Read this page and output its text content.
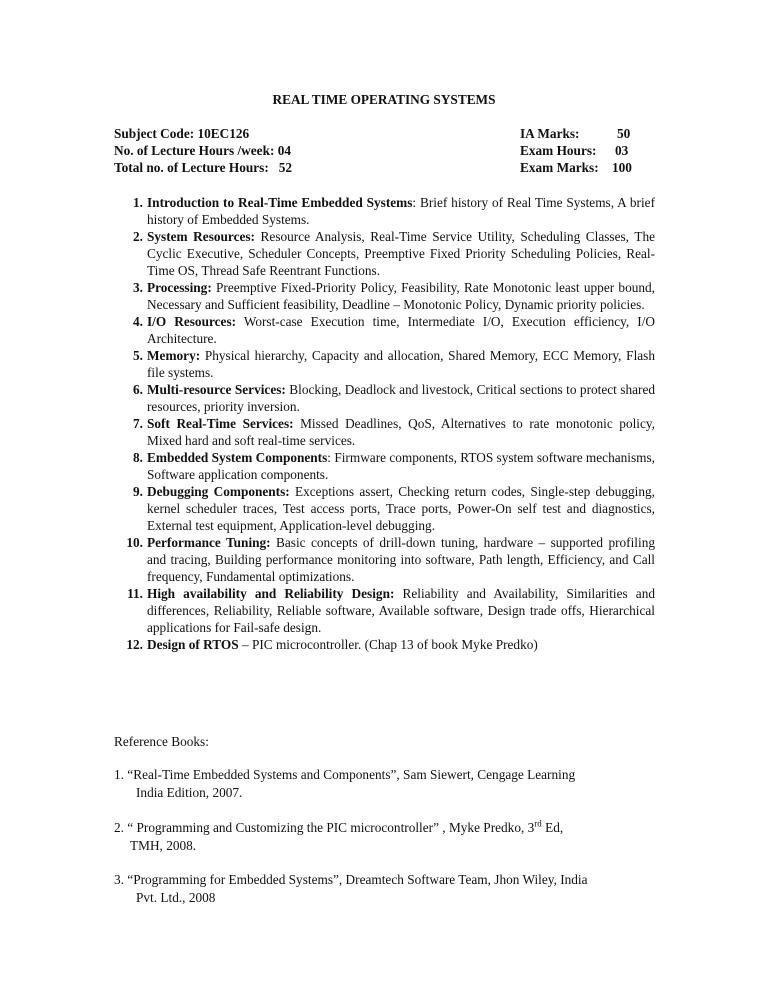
REAL TIME OPERATING SYSTEMS
Subject Code: 10EC126
No. of Lecture Hours /week: 04
Total no. of Lecture Hours:   52
IA Marks:	50
Exam Hours: 03
Exam Marks: 100
1. Introduction to Real-Time Embedded Systems: Brief history of Real Time Systems, A brief history of Embedded Systems.
2. System Resources: Resource Analysis, Real-Time Service Utility, Scheduling Classes, The Cyclic Executive, Scheduler Concepts, Preemptive Fixed Priority Scheduling Policies, Real-Time OS, Thread Safe Reentrant Functions.
3. Processing: Preemptive Fixed-Priority Policy, Feasibility, Rate Monotonic least upper bound, Necessary and Sufficient feasibility, Deadline – Monotonic Policy, Dynamic priority policies.
4. I/O Resources: Worst-case Execution time, Intermediate I/O, Execution efficiency, I/O Architecture.
5. Memory: Physical hierarchy, Capacity and allocation, Shared Memory, ECC Memory, Flash file systems.
6. Multi-resource Services: Blocking, Deadlock and livestock, Critical sections to protect shared resources, priority inversion.
7. Soft Real-Time Services: Missed Deadlines, QoS, Alternatives to rate monotonic policy, Mixed hard and soft real-time services.
8. Embedded System Components: Firmware components, RTOS system software mechanisms, Software application components.
9. Debugging Components: Exceptions assert, Checking return codes, Single-step debugging, kernel scheduler traces, Test access ports, Trace ports, Power-On self test and diagnostics, External test equipment, Application-level debugging.
10. Performance Tuning: Basic concepts of drill-down tuning, hardware – supported profiling and tracing, Building performance monitoring into software, Path length, Efficiency, and Call frequency, Fundamental optimizations.
11. High availability and Reliability Design: Reliability and Availability, Similarities and differences, Reliability, Reliable software, Available software, Design trade offs, Hierarchical applications for Fail-safe design.
12. Design of RTOS – PIC microcontroller. (Chap 13 of book Myke Predko)
Reference Books:
1. “Real-Time Embedded Systems and Components”, Sam Siewert, Cengage Learning
India Edition, 2007.
2. “ Programming and Customizing the PIC microcontroller” , Myke Predko, 3rd Ed,
TMH, 2008.
3. “Programming for Embedded Systems”, Dreamtech Software Team, Jhon Wiley, India
Pvt. Ltd., 2008
